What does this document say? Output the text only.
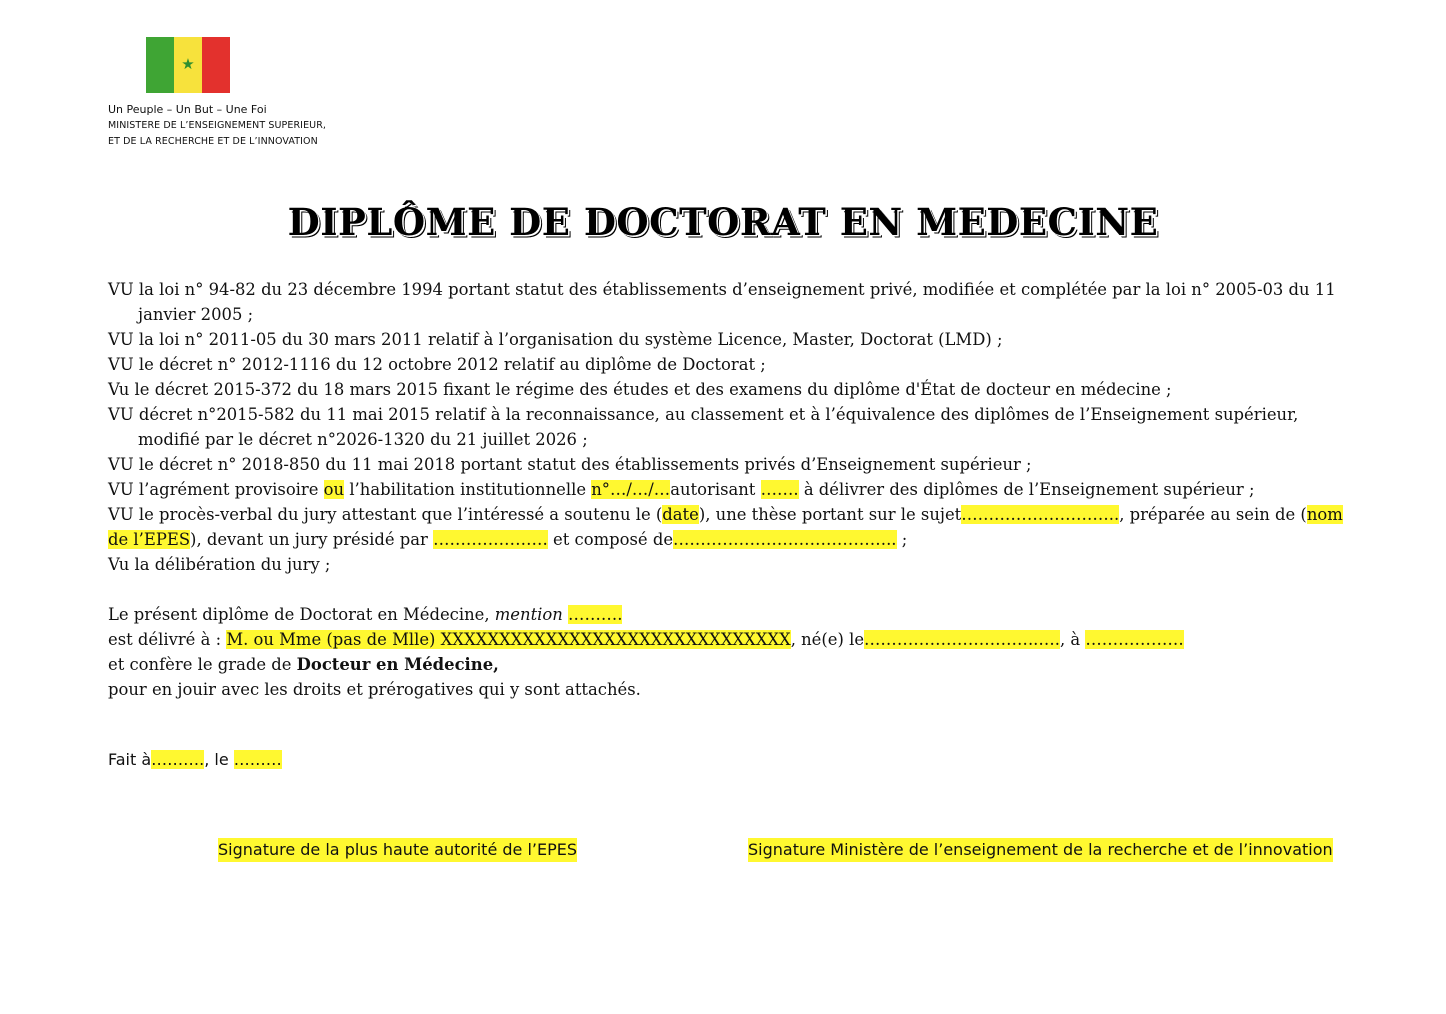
★
Un Peuple – Un But – Une Foi
MINISTERE DE L’ENSEIGNEMENT SUPERIEUR,
ET DE LA RECHERCHE ET DE L’INNOVATION
DIPLÔME DE DOCTORAT EN MEDECINE

VU la loi n° 94-82 du 23 décembre 1994 portant statut des établissements d’enseignement privé, modifiée et complétée par la loi n° 2005-03 du 11 janvier 2005 ;

VU la loi n° 2011-05 du 30 mars 2011 relatif à l’organisation du système Licence, Master, Doctorat (LMD) ;

VU le décret n° 2012-1116 du 12 octobre 2012 relatif au diplôme de Doctorat ;

Vu le décret 2015-372 du 18 mars 2015 fixant le régime des études et des examens du diplôme d'État de docteur en médecine ;

VU décret n°2015-582 du 11 mai 2015 relatif à la reconnaissance, au classement et à l’équivalence des diplômes de l’Enseignement supérieur, modifié par le décret n°2026-1320 du 21 juillet 2026 ;

VU le décret n° 2018-850 du 11 mai 2018 portant statut des établissements privés d’Enseignement supérieur ;

VU l’agrément provisoire ou l’habilitation institutionnelle n°…/…/…autorisant ……. à délivrer des diplômes de l’Enseignement supérieur ;

VU le procès-verbal du jury attestant que l’intéressé a soutenu le (date), une thèse portant sur le sujet……………………….., préparée au sein de (nom de l’EPES), devant un jury présidé par ………………… et composé de………………………………….. ;

Vu la délibération du jury ;

Le présent diplôme de Doctorat en Médecine, mention ……….

est délivré à : M. ou Mme (pas de Mlle) XXXXXXXXXXXXXXXXXXXXXXXXXXXXXX, né(e) le…………………………..…., à ………………

et confère le grade de Docteur en Médecine,

pour en jouir avec les droits et prérogatives qui y sont attachés.

Fait à………., le ………
Signature de la plus haute autorité de l’EPES	Signature Ministère de l’enseignement de la recherche et de l’innovation
